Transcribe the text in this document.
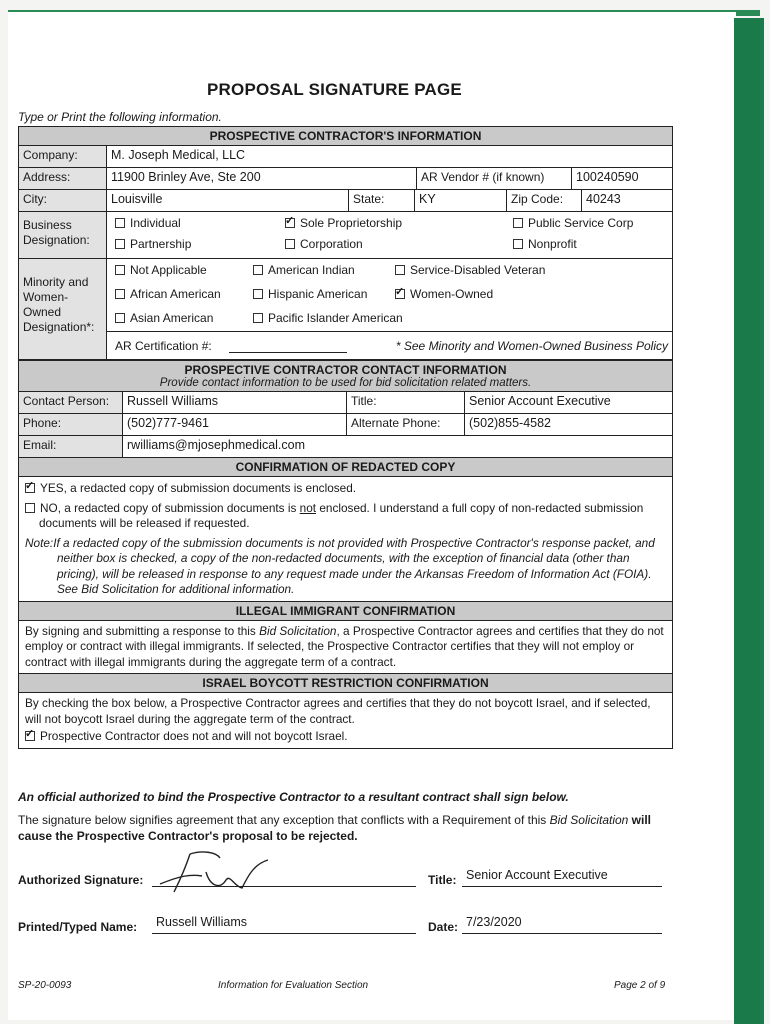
PROPOSAL SIGNATURE PAGE
Type or Print the following information.
PROSPECTIVE CONTRACTOR'S INFORMATION
Company:	M. Joseph Medical, LLC
Address:	11900 Brinley Ave, Ste 200	AR Vendor # (if known)	100240590
City:	Louisville	State:	KY	Zip Code:	40243
Business
Designation:
Individual ✓	Sole Proprietorship	Public Service Corp
Partnership	Corporation	Nonprofit
Minority and
Women-
Owned
Designation*:
Not Applicable	American Indian	Service-Disabled Veteran
African American	Hispanic American ✓	Women-Owned
Asian American	Pacific Islander American
AR Certification #:	* See Minority and Women-Owned Business Policy
PROSPECTIVE CONTRACTOR CONTACT INFORMATION
Provide contact information to be used for bid solicitation related matters.
Contact Person:	Russell Williams	Title:	Senior Account Executive
Phone:	(502)777-9461	Alternate Phone:	(502)855-4582
Email:	rwilliams@mjosephmedical.com
CONFIRMATION OF REDACTED COPY
✓YES, a redacted copy of submission documents is enclosed.
NO, a redacted copy of submission documents is not enclosed. I understand a full copy of non-redacted submission documents will be released if requested.
Note:If a redacted copy of the submission documents is not provided with Prospective Contractor's response packet, and neither box is checked, a copy of the non-redacted documents, with the exception of financial data (other than pricing), will be released in response to any request made under the Arkansas Freedom of Information Act (FOIA). See Bid Solicitation for additional information.
ILLEGAL IMMIGRANT CONFIRMATION
By signing and submitting a response to this Bid Solicitation, a Prospective Contractor agrees and certifies that they do not employ or contract with illegal immigrants. If selected, the Prospective Contractor certifies that they will not employ or contract with illegal immigrants during the aggregate term of a contract.
ISRAEL BOYCOTT RESTRICTION CONFIRMATION
By checking the box below, a Prospective Contractor agrees and certifies that they do not boycott Israel, and if selected, will not boycott Israel during the aggregate term of the contract.
✓Prospective Contractor does not and will not boycott Israel.
An official authorized to bind the Prospective Contractor to a resultant contract shall sign below.
The signature below signifies agreement that any exception that conflicts with a Requirement of this Bid Solicitation will cause the Prospective Contractor's proposal to be rejected.
Authorized Signature:	Title: Senior Account Executive
Printed/Typed Name:	Russell Williams	Date: 7/23/2020
SP-20-0093	Information for Evaluation Section	Page 2 of 9
